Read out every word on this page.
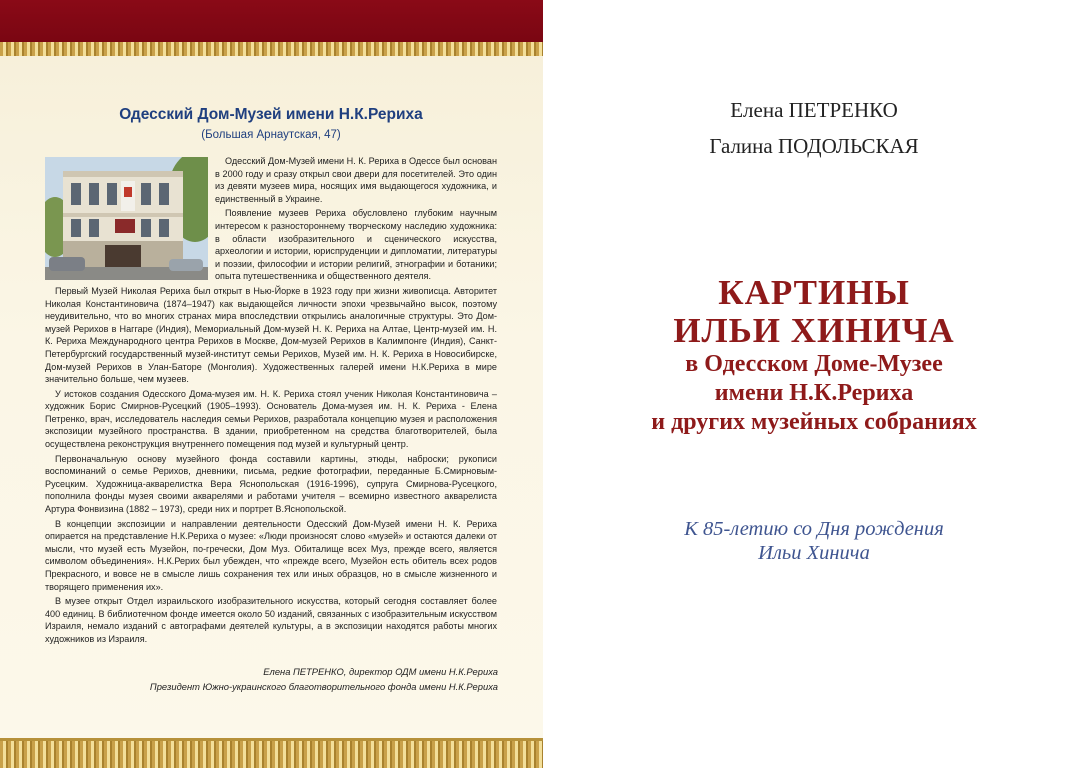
Одесский Дом-Музей имени Н.К.Рериха

(Большая Арнаутская, 47)

Одесский Дом-Музей имени Н. К. Рериха в Одессе был основан в 2000 году и сразу открыл свои двери для посетителей. Это один из девяти музеев мира, носящих имя выдающегося художника, и единственный в Украине.

Появление музеев Рериха обусловлено глубоким научным интересом к разностороннему творческому наследию художника: в области изобразительного и сценического искусства, археологии и истории, юриспруденции и дипломатии, литературы и поэзии, философии и истории религий, этнографии и ботаники; опыта путешественника и общественного деятеля.

Первый Музей Николая Рериха был открыт в Нью-Йорке в 1923 году при жизни живописца. Авторитет Николая Константиновича (1874–1947) как выдающейся личности эпохи чрезвычайно высок, поэтому неудивительно, что во многих странах мира впоследствии открылись аналогичные структуры. Это Дом-музей Рерихов в Наггаре (Индия), Мемориальный Дом-музей Н. К. Рериха на Алтае, Центр-музей им. Н. К. Рериха Международного центра Рерихов в Москве, Дом-музей Рерихов в Калимпонге (Индия), Санкт-Петербургский государственный музей-институт семьи Рерихов, Музей им. Н. К. Рериха в Новосибирске, Дом-музей Рерихов в Улан-Баторе (Монголия). Художественных галерей имени Н.К.Рериха в мире значительно больше, чем музеев.

У истоков создания Одесского Дома-музея им. Н. К. Рериха стоял ученик Николая Константиновича – художник Борис Смирнов-Русецкий (1905–1993). Основатель Дома-музея им. Н. К. Рериха - Елена Петренко, врач, исследователь наследия семьи Рерихов, разработала концепцию музея и расположения экспозиции музейного пространства. В здании, приобретенном на средства благотворителей, была осуществлена реконструкция внутреннего помещения под музей и культурный центр.

Первоначальную основу музейного фонда составили картины, этюды, наброски; рукописи воспоминаний о семье Рерихов, дневники, письма, редкие фотографии, переданные Б.Смирновым-Русецким. Художница-акварелистка Вера Яснопольская (1916-1996), супруга Смирнова-Русецкого, пополнила фонды музея своими акварелями и работами учителя – всемирно известного акварелиста Артура Фонвизина (1882 – 1973), среди них и портрет В.Яснопольской.

В концепции экспозиции и направлении деятельности Одесский Дом-Музей имени Н. К. Рериха опирается на представление Н.К.Рериха о музее: «Люди произносят слово «музей» и остаются далеки от мысли, что музей есть Музейон, по-гречески, Дом Муз. Обиталище всех Муз, прежде всего, является символом объединения». Н.К.Рерих был убежден, что «прежде всего, Музейон есть обитель всех родов Прекрасного, и вовсе не в смысле лишь сохранения тех или иных образцов, но в смысле жизненного и творящего применения их».

В музее открыт Отдел израильского изобразительного искусства, который сегодня составляет более 400 единиц. В библиотечном фонде имеется около 50 изданий, связанных с изобразительным искусством Израиля, немало изданий с автографами деятелей культуры, а в экспозиции находятся работы многих художников из Израиля.

Елена ПЕТРЕНКО, директор ОДМ имени Н.К.Рериха

Президент Южно-украинского благотворительного фонда имени Н.К.Рериха

Елена ПЕТРЕНКО

Галина ПОДОЛЬСКАЯ

КАРТИНЫ
ИЛЬИ ХИНИЧА
в Одесском Доме-Музее
имени Н.К.Рериха
и других музейных собраниях

К 85-летию со Дня рождения

Ильи Хинича
